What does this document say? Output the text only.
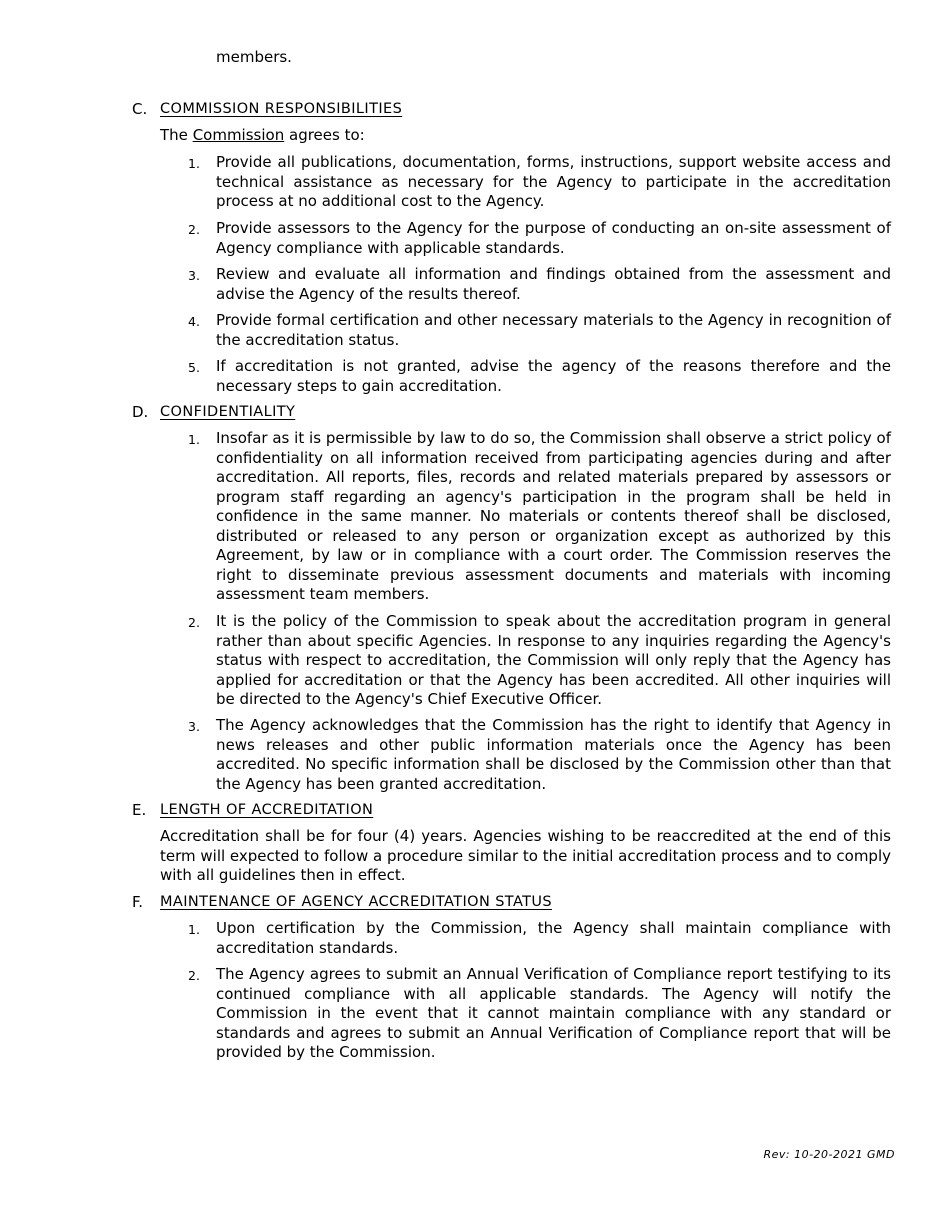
members.
C. COMMISSION RESPONSIBILITIES
The Commission agrees to:
1. Provide all publications, documentation, forms, instructions, support website access and technical assistance as necessary for the Agency to participate in the accreditation process at no additional cost to the Agency.
2. Provide assessors to the Agency for the purpose of conducting an on-site assessment of Agency compliance with applicable standards.
3. Review and evaluate all information and findings obtained from the assessment and advise the Agency of the results thereof.
4. Provide formal certification and other necessary materials to the Agency in recognition of the accreditation status.
5. If accreditation is not granted, advise the agency of the reasons therefore and the necessary steps to gain accreditation.
D. CONFIDENTIALITY
1. Insofar as it is permissible by law to do so, the Commission shall observe a strict policy of confidentiality on all information received from participating agencies during and after accreditation. All reports, files, records and related materials prepared by assessors or program staff regarding an agency's participation in the program shall be held in confidence in the same manner. No materials or contents thereof shall be disclosed, distributed or released to any person or organization except as authorized by this Agreement, by law or in compliance with a court order. The Commission reserves the right to disseminate previous assessment documents and materials with incoming assessment team members.
2. It is the policy of the Commission to speak about the accreditation program in general rather than about specific Agencies. In response to any inquiries regarding the Agency's status with respect to accreditation, the Commission will only reply that the Agency has applied for accreditation or that the Agency has been accredited. All other inquiries will be directed to the Agency's Chief Executive Officer.
3. The Agency acknowledges that the Commission has the right to identify that Agency in news releases and other public information materials once the Agency has been accredited. No specific information shall be disclosed by the Commission other than that the Agency has been granted accreditation.
E. LENGTH OF ACCREDITATION
Accreditation shall be for four (4) years. Agencies wishing to be reaccredited at the end of this term will expected to follow a procedure similar to the initial accreditation process and to comply with all guidelines then in effect.
F. MAINTENANCE OF AGENCY ACCREDITATION STATUS
1. Upon certification by the Commission, the Agency shall maintain compliance with accreditation standards.
2. The Agency agrees to submit an Annual Verification of Compliance report testifying to its continued compliance with all applicable standards. The Agency will notify the Commission in the event that it cannot maintain compliance with any standard or standards and agrees to submit an Annual Verification of Compliance report that will be provided by the Commission.
Rev: 10-20-2021 GMD
